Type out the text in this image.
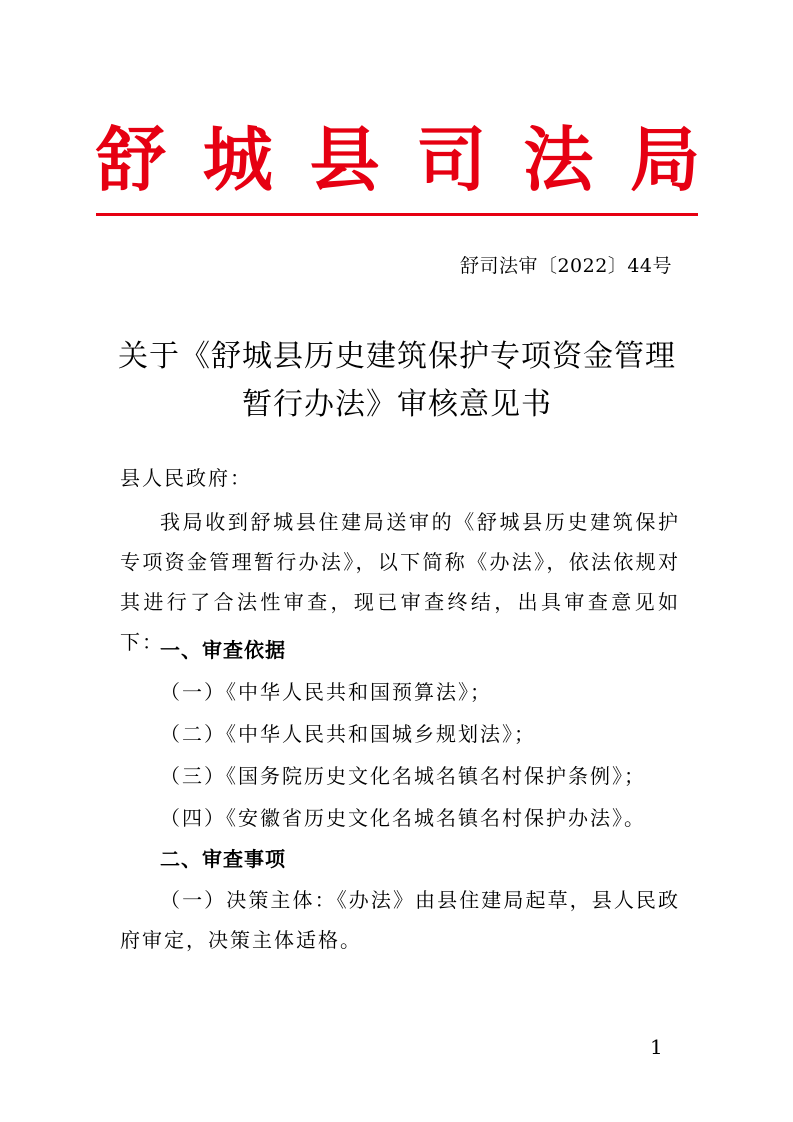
舒 城 县 司 法 局
舒司法审〔2022〕44号
关于《舒城县历史建筑保护专项资金管理
暂行办法》审核意见书
县人民政府：
我局收到舒城县住建局送审的《舒城县历史建筑保护专项资金管理暂行办法》，以下简称《办法》，依法依规对其进行了合法性审查，现已审查终结，出具审查意见如下：
一、审查依据
（一）《中华人民共和国预算法》；
（二）《中华人民共和国城乡规划法》；
（三）《国务院历史文化名城名镇名村保护条例》；
（四）《安徽省历史文化名城名镇名村保护办法》。
二、审查事项
（一）决策主体：《办法》由县住建局起草，县人民政府审定，决策主体适格。
1
